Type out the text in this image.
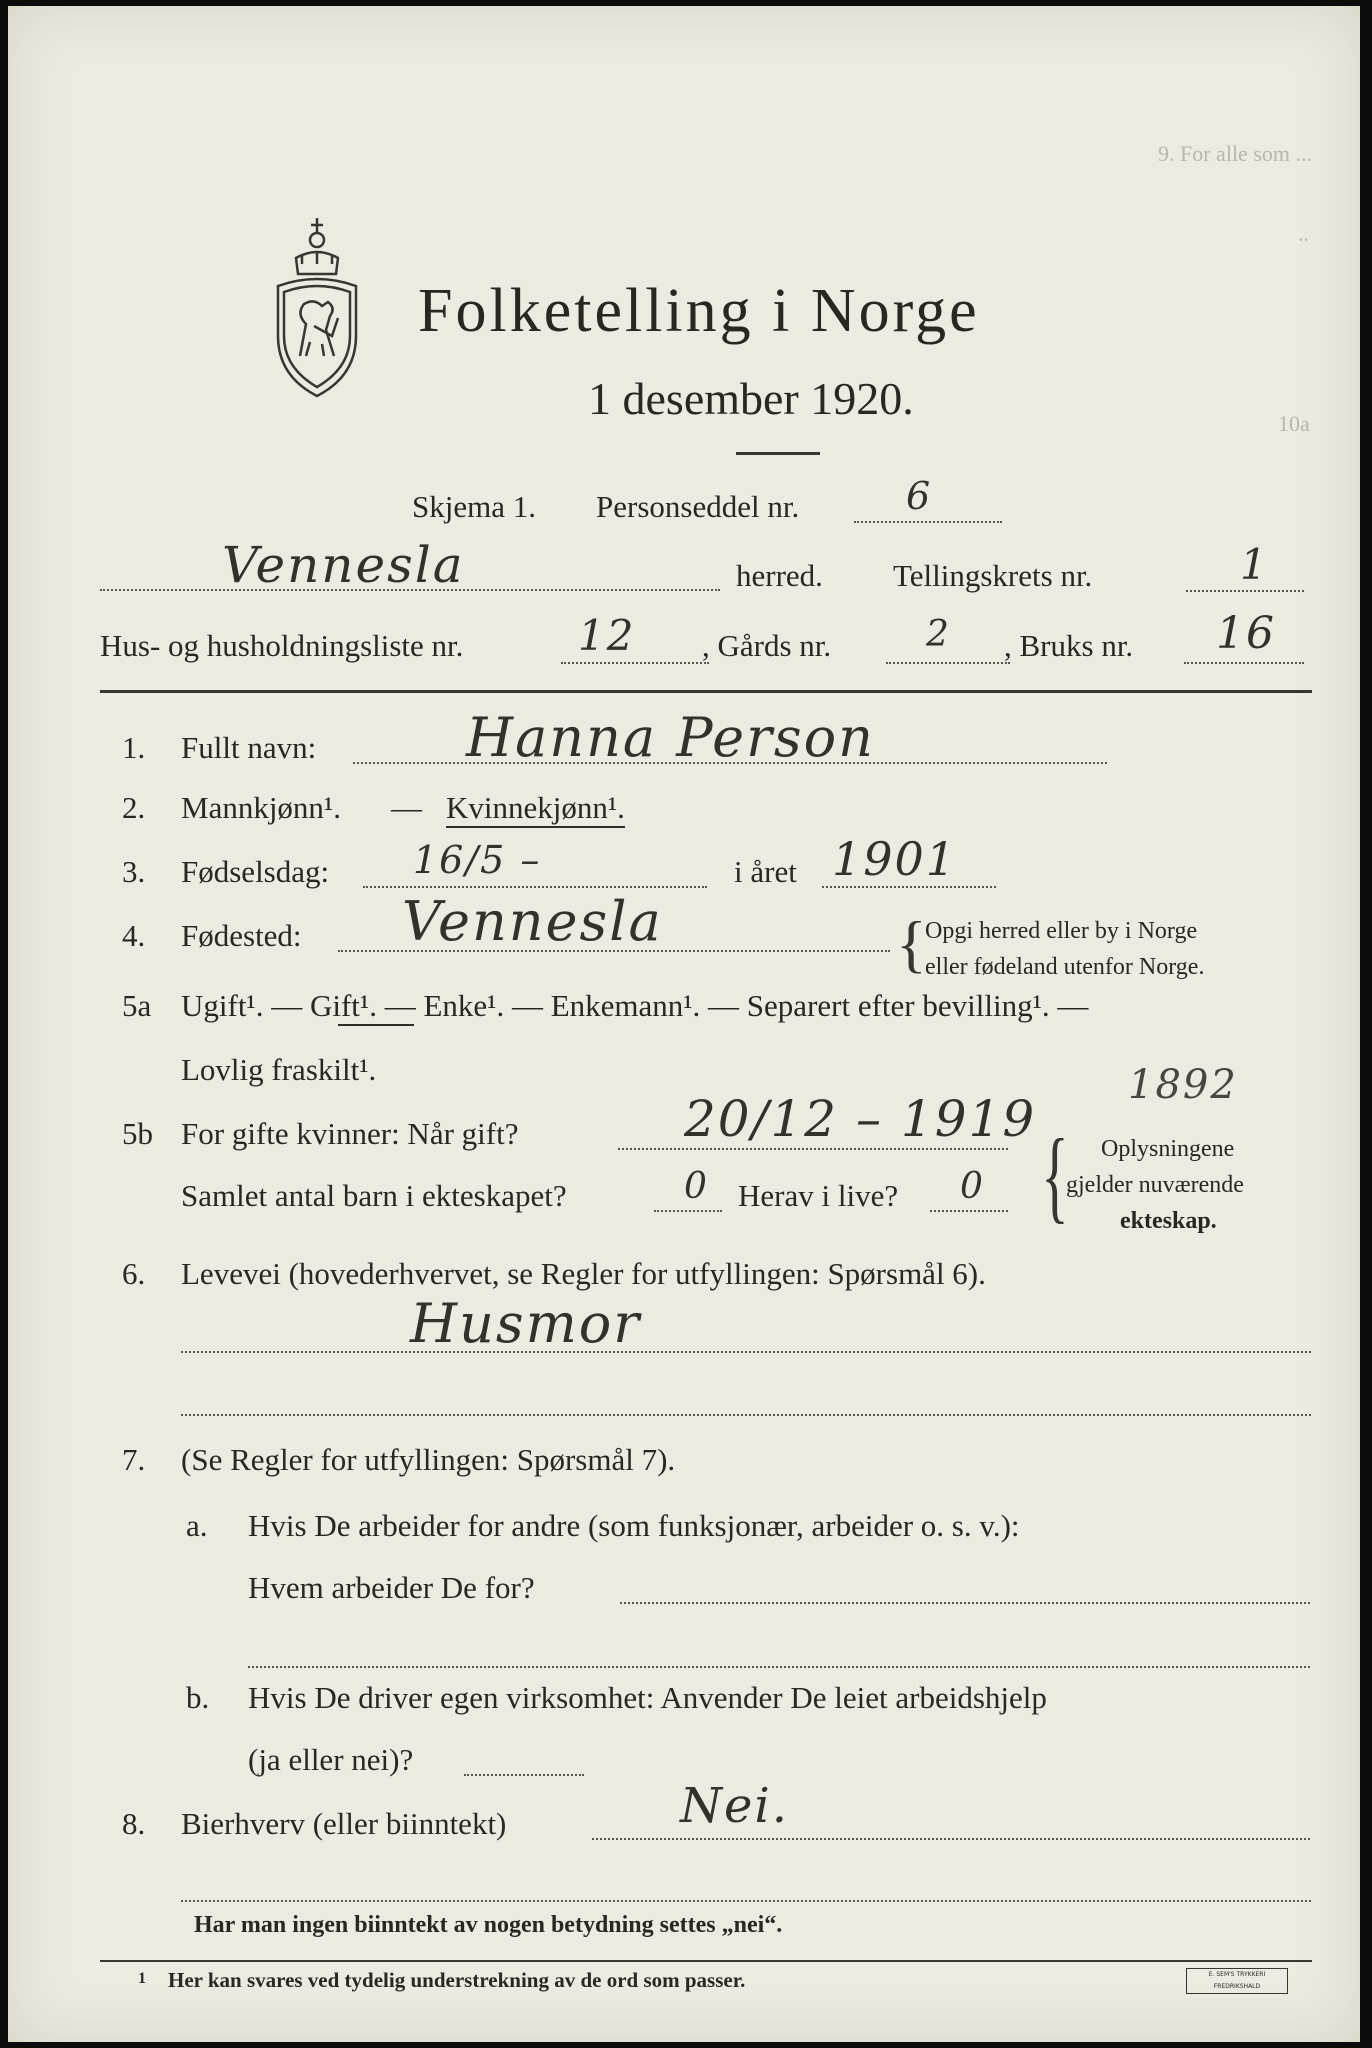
9. For alle som ...
..
10a
Folketelling i Norge
1 desember 1920.
Skjema 1. Personseddel nr.	6
Vennesla	herred. Tellingskrets nr.	1
Hus- og husholdningsliste nr.	12 , Gårds nr.	2 , Bruks nr. 16
1. Fullt navn:	Hanna Person
2. Mannkjønn¹. — Kvinnekjønn¹.
3. Fødselsdag: 16/5 –	i året 1901
4. Fødested: Vennesla	{
Opgi herred eller by i Norge
eller fødeland utenfor Norge.
5a Ugift¹. — Gift¹. — Enke¹. — Enkemann¹. — Separert efter bevilling¹. —
Lovlig fraskilt¹.
5b For gifte kvinner: Når gift?	20/12 – 1919
1892
Samlet antal barn i ekteskapet?	0 Herav i live? 0 { Oplysningene
gjelder nuværende
ekteskap.
6. Levevei (hovederhvervet, se Regler for utfyllingen: Spørsmål 6).
Husmor
7. (Se Regler for utfyllingen: Spørsmål 7).
a. Hvis De arbeider for andre (som funksjonær, arbeider o. s. v.):
Hvem arbeider De for?
b. Hvis De driver egen virksomhet: Anvender De leiet arbeidshjelp
(ja eller nei)?
8. Bierhverv (eller biinntekt)	Nei.
Har man ingen biinntekt av nogen betydning settes „nei“.
1 Her kan svares ved tydelig understrekning av de ord som passer.	E. SEM'S TRYKKERI FREDRIKSHALD
